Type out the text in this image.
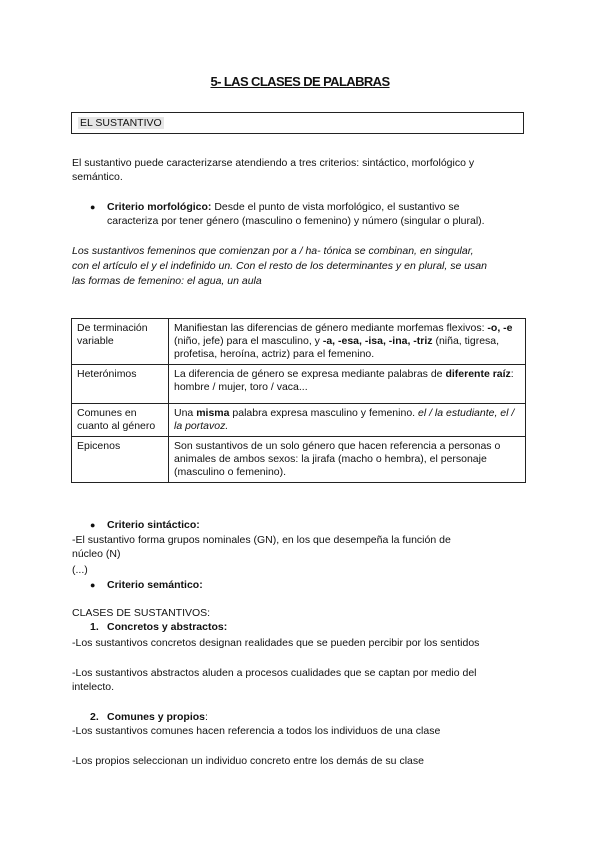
5- LAS CLASES DE PALABRAS
EL SUSTANTIVO

El sustantivo puede caracterizarse atendiendo a tres criterios: sintáctico, morfológico y semántico.

● Criterio morfológico: Desde el punto de vista morfológico, el sustantivo se caracteriza por tener género (masculino o femenino) y número (singular o plural).

Los sustantivos femeninos que comienzan por a / ha- tónica se combinan, en singular, con el artículo el y el indefinido un. Con el resto de los determinantes y en plural, se usan las formas de femenino: el agua, un aula

De terminación variable	Manifiestan las diferencias de género mediante morfemas flexivos: -o, -e (niño, jefe) para el masculino, y -a, -esa, -isa, -ina, -triz (niña, tigresa, profetisa, heroína, actriz) para el femenino.
Heterónimos	La diferencia de género se expresa mediante palabras de diferente raíz: hombre / mujer, toro / vaca...
Comunes en cuanto al género	Una misma palabra expresa masculino y femenino. el / la estudiante, el / la portavoz.
Epicenos	Son sustantivos de un solo género que hacen referencia a personas o animales de ambos sexos: la jirafa (macho o hembra), el personaje (masculino o femenino).
● Criterio sintáctico:

-El sustantivo forma grupos nominales (GN), en los que desempeña la función de núcleo (N)

(...)

● Criterio semántico:

CLASES DE SUSTANTIVOS:

1. Concretos y abstractos:

-Los sustantivos concretos designan realidades que se pueden percibir por los sentidos

-Los sustantivos abstractos aluden a procesos cualidades que se captan por medio del intelecto.

2. Comunes y propios:

-Los sustantivos comunes hacen referencia a todos los individuos de una clase

-Los propios seleccionan un individuo concreto entre los demás de su clase
